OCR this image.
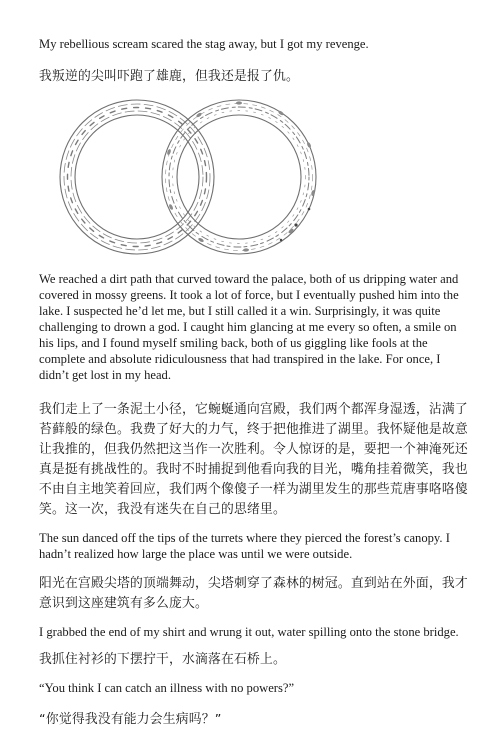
My rebellious scream scared the stag away, but I got my revenge.

我叛逆的尖叫吓跑了雄鹿，但我还是报了仇。

We reached a dirt path that curved toward the palace, both of us dripping water and covered in mossy greens. It took a lot of force, but I eventually pushed him into the lake. I suspected he’d let me, but I still called it a win. Surprisingly, it was quite challenging to drown a god. I caught him glancing at me every so often, a smile on his lips, and I found myself smiling back, both of us giggling like fools at the complete and absolute ridiculousness that had transpired in the lake. For once, I didn’t get lost in my head.

我们走上了一条泥土小径，它蜿蜒通向宫殿，我们两个都浑身湿透，沾满了苔藓般的绿色。我费了好大的力气，终于把他推进了湖里。我怀疑他是故意让我推的，但我仍然把这当作一次胜利。令人惊讶的是，要把一个神淹死还真是挺有挑战性的。我时不时捕捉到他看向我的目光，嘴角挂着微笑，我也不由自主地笑着回应，我们两个像傻子一样为湖里发生的那些荒唐事咯咯傻笑。这一次，我没有迷失在自己的思绪里。

The sun danced off the tips of the turrets where they pierced the forest’s canopy. I hadn’t realized how large the place was until we were outside.

阳光在宫殿尖塔的顶端舞动，尖塔刺穿了森林的树冠。直到站在外面，我才意识到这座建筑有多么庞大。

I grabbed the end of my shirt and wrung it out, water spilling onto the stone bridge.

我抓住衬衫的下摆拧干，水滴落在石桥上。

“You think I can catch an illness with no powers?”

“你觉得我没有能力会生病吗？”
